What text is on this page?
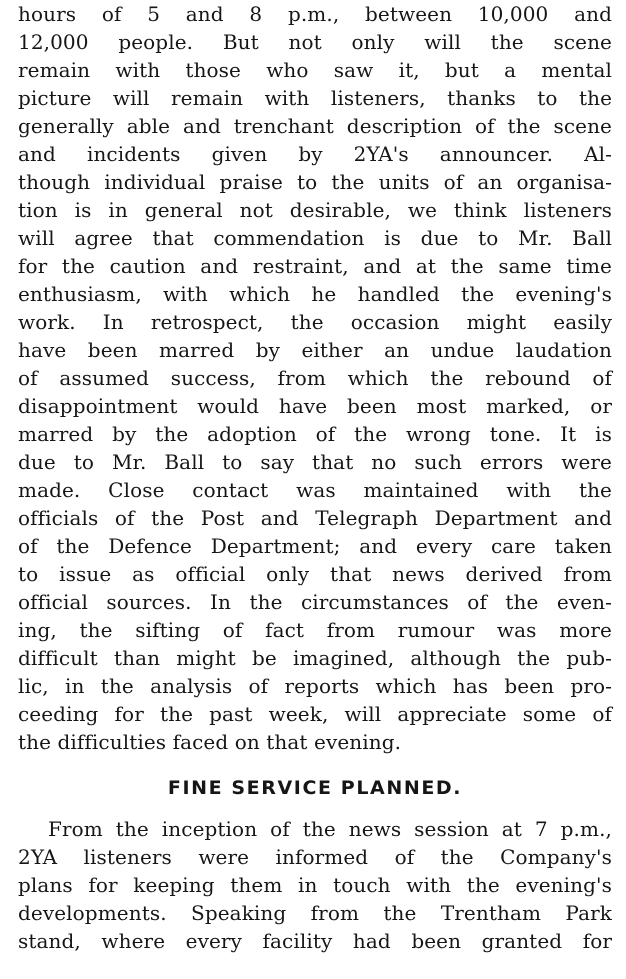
hours of 5 and 8 p.m., between 10,000 and
12,000 people. But not only will the scene
remain with those who saw it, but a mental
picture will remain with listeners, thanks to the
generally able and trenchant description of the scene
and incidents given by 2YA's announcer. Al-
though individual praise to the units of an organisa-
tion is in general not desirable, we think listeners
will agree that commendation is due to Mr. Ball
for the caution and restraint, and at the same time
enthusiasm, with which he handled the evening's
work. In retrospect, the occasion might easily
have been marred by either an undue laudation
of assumed success, from which the rebound of
disappointment would have been most marked, or
marred by the adoption of the wrong tone. It is
due to Mr. Ball to say that no such errors were
made. Close contact was maintained with the
officials of the Post and Telegraph Department and
of the Defence Department; and every care taken
to issue as official only that news derived from
official sources. In the circumstances of the even-
ing, the sifting of fact from rumour was more
difficult than might be imagined, although the pub-
lic, in the analysis of reports which has been pro-
ceeding for the past week, will appreciate some of
the difficulties faced on that evening.
FINE SERVICE PLANNED.
From the inception of the news session at 7 p.m.,
2YA listeners were informed of the Company's
plans for keeping them in touch with the evening's
developments. Speaking from the Trentham Park
stand, where every facility had been granted for
